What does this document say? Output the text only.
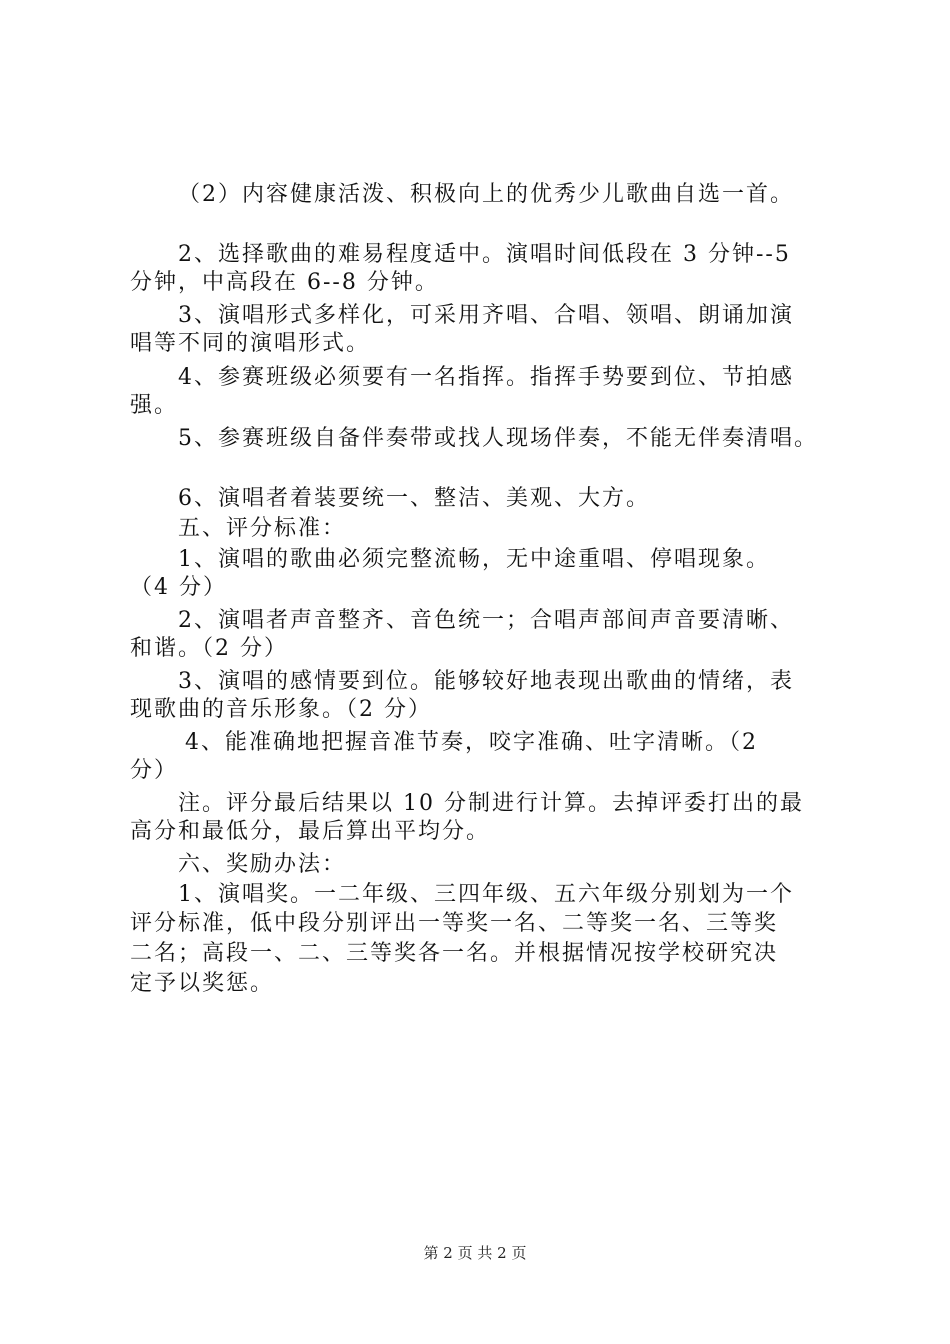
（2）内容健康活泼、积极向上的优秀少儿歌曲自选一首。
2、选择歌曲的难易程度适中。演唱时间低段在 3 分钟--5
分钟，中高段在 6--8 分钟。
3、演唱形式多样化，可采用齐唱、合唱、领唱、朗诵加演
唱等不同的演唱形式。
4、参赛班级必须要有一名指挥。指挥手势要到位、节拍感
强。
5、参赛班级自备伴奏带或找人现场伴奏，不能无伴奏清唱。
6、演唱者着装要统一、整洁、美观、大方。
五、评分标准：
1、演唱的歌曲必须完整流畅，无中途重唱、停唱现象。
（4 分）
2、演唱者声音整齐、音色统一；合唱声部间声音要清晰、
和谐。（2 分）
3、演唱的感情要到位。能够较好地表现出歌曲的情绪，表
现歌曲的音乐形象。（2 分）
4、能准确地把握音准节奏，咬字准确、吐字清晰。（2
分）
注。评分最后结果以 10 分制进行计算。去掉评委打出的最
高分和最低分，最后算出平均分。
六、奖励办法：
1、演唱奖。一二年级、三四年级、五六年级分别划为一个
评分标准，低中段分别评出一等奖一名、二等奖一名、三等奖
二名；高段一、二、三等奖各一名。并根据情况按学校研究决
定予以奖惩。
第 2 页 共 2 页
